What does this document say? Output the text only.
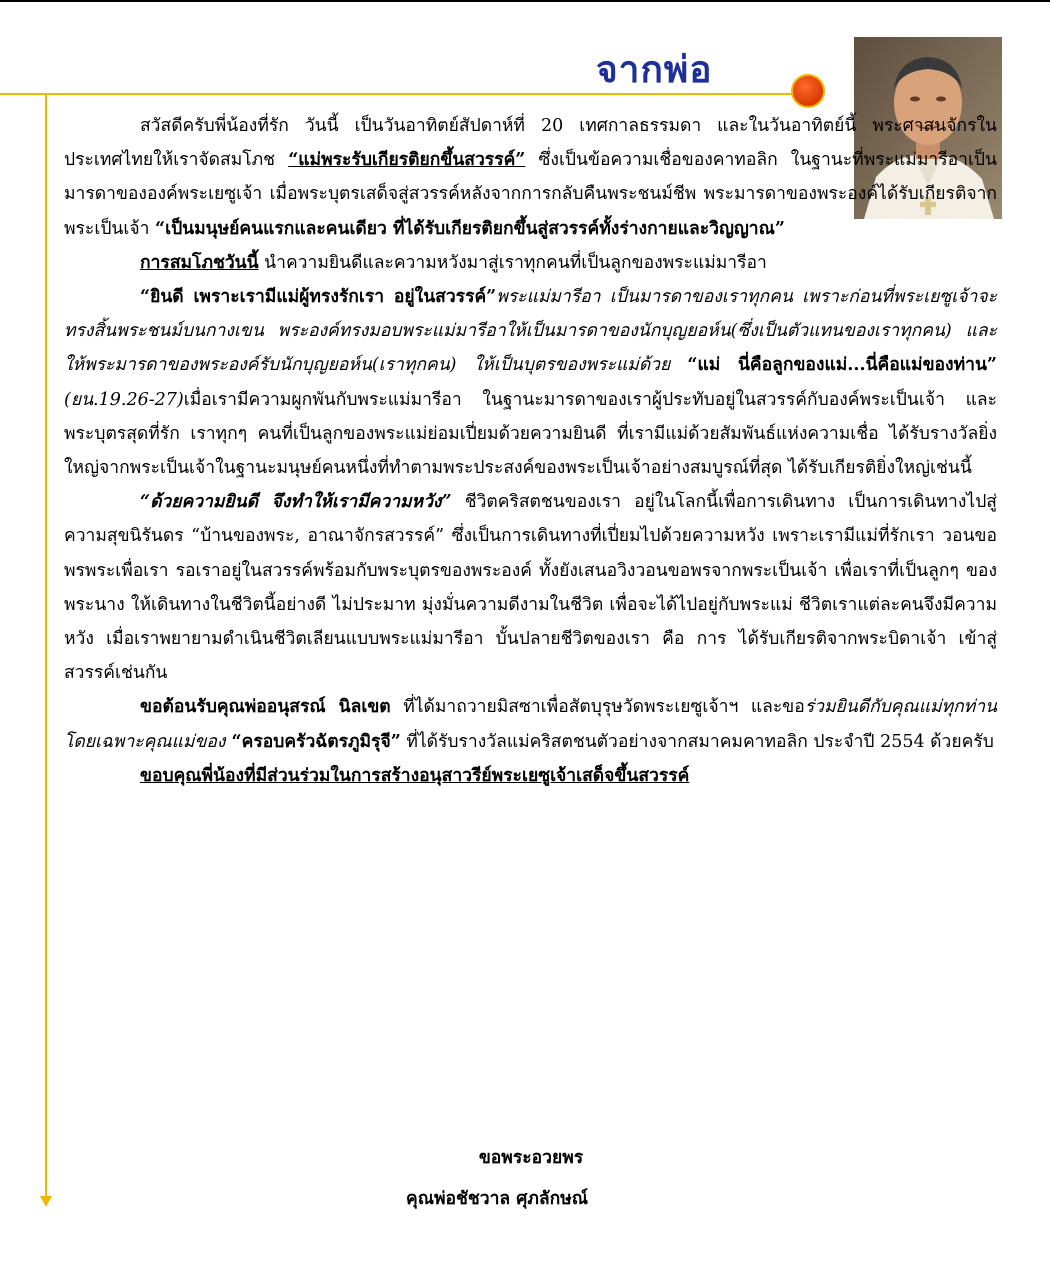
จากพ่อ

สวัสดีครับพี่น้องที่รัก วันนี้ เป็นวันอาทิตย์สัปดาห์ที่ 20 เทศกาลธรรมดา และในวันอาทิตย์นี้ พระศาสนจักรในประเทศไทยให้เราจัดสมโภช “แม่พระรับเกียรติยกขึ้นสวรรค์” ซึ่งเป็นข้อความเชื่อของคาทอลิก ในฐานะที่พระแม่มารีอาเป็นมารดาขององค์พระเยซูเจ้า เมื่อพระบุตรเสด็จสู่สวรรค์หลังจากการกลับคืนพระชนม์ชีพ พระมารดาของพระองค์ได้รับเกียรติจากพระเป็นเจ้า “เป็นมนุษย์คนแรกและคนเดียว ที่ได้รับเกียรติยกขึ้นสู่สวรรค์ทั้งร่างกายและวิญญาณ”

การสมโภชวันนี้ นำความยินดีและความหวังมาสู่เราทุกคนที่เป็นลูกของพระแม่มารีอา

“ยินดี เพราะเรามีแม่ผู้ทรงรักเรา อยู่ในสวรรค์”พระแม่มารีอา เป็นมารดาของเราทุกคน เพราะก่อนที่พระเยซูเจ้าจะทรงสิ้นพระชนม์บนกางเขน พระองค์ทรงมอบพระแม่มารีอาให้เป็นมารดาของนักบุญยอห์น(ซึ่งเป็นตัวแทนของเราทุกคน) และให้พระมารดาของพระองค์รับนักบุญยอห์น(เราทุกคน) ให้เป็นบุตรของพระแม่ด้วย “แม่ นี่คือลูกของแม่...นี่คือแม่ของท่าน” (ยน.19.26-27)เมื่อเรามีความผูกพันกับพระแม่มารีอา ในฐานะมารดาของเราผู้ประทับอยู่ในสวรรค์กับองค์พระเป็นเจ้า และพระบุตรสุดที่รัก เราทุกๆ คนที่เป็นลูกของพระแม่ย่อมเปี่ยมด้วยความยินดี ที่เรามีแม่ด้วยสัมพันธ์แห่งความเชื่อ ได้รับรางวัลยิ่งใหญ่จากพระเป็นเจ้าในฐานะมนุษย์คนหนึ่งที่ทำตามพระประสงค์ของพระเป็นเจ้าอย่างสมบูรณ์ที่สุด ได้รับเกียรติยิ่งใหญ่เช่นนี้

“ด้วยความยินดี จึงทำให้เรามีความหวัง” ชีวิตคริสตชนของเรา อยู่ในโลกนี้เพื่อการเดินทาง เป็นการเดินทางไปสู่ความสุขนิรันดร “บ้านของพระ, อาณาจักรสวรรค์” ซึ่งเป็นการเดินทางที่เปี่ยมไปด้วยความหวัง เพราะเรามีแม่ที่รักเรา วอนขอพรพระเพื่อเรา รอเราอยู่ในสวรรค์พร้อมกับพระบุตรของพระองค์ ทั้งยังเสนอวิงวอนขอพรจากพระเป็นเจ้า เพื่อเราที่เป็นลูกๆ ของพระนาง ให้เดินทางในชีวิตนี้อย่างดี ไม่ประมาท มุ่งมั่นความดีงามในชีวิต เพื่อจะได้ไปอยู่กับพระแม่ ชีวิตเราแต่ละคนจึงมีความหวัง เมื่อเราพยายามดำเนินชีวิตเลียนแบบพระแม่มารีอา บั้นปลายชีวิตของเรา คือ การ ได้รับเกียรติจากพระบิดาเจ้า เข้าสู่สวรรค์เช่นกัน

ขอต้อนรับคุณพ่ออนุสรณ์ นิลเขต ที่ได้มาถวายมิสซาเพื่อสัตบุรุษวัดพระเยซูเจ้าฯ และขอร่วมยินดีกับคุณแม่ทุกท่าน โดยเฉพาะคุณแม่ของ “ครอบครัวฉัตรภูมิรุจี” ที่ได้รับรางวัลแม่คริสตชนตัวอย่างจากสมาคมคาทอลิก ประจำปี 2554 ด้วยครับ

ขอบคุณพี่น้องที่มีส่วนร่วมในการสร้างอนุสาวรีย์พระเยซูเจ้าเสด็จขึ้นสวรรค์

ขอพระอวยพร
คุณพ่อชัชวาล ศุภลักษณ์
